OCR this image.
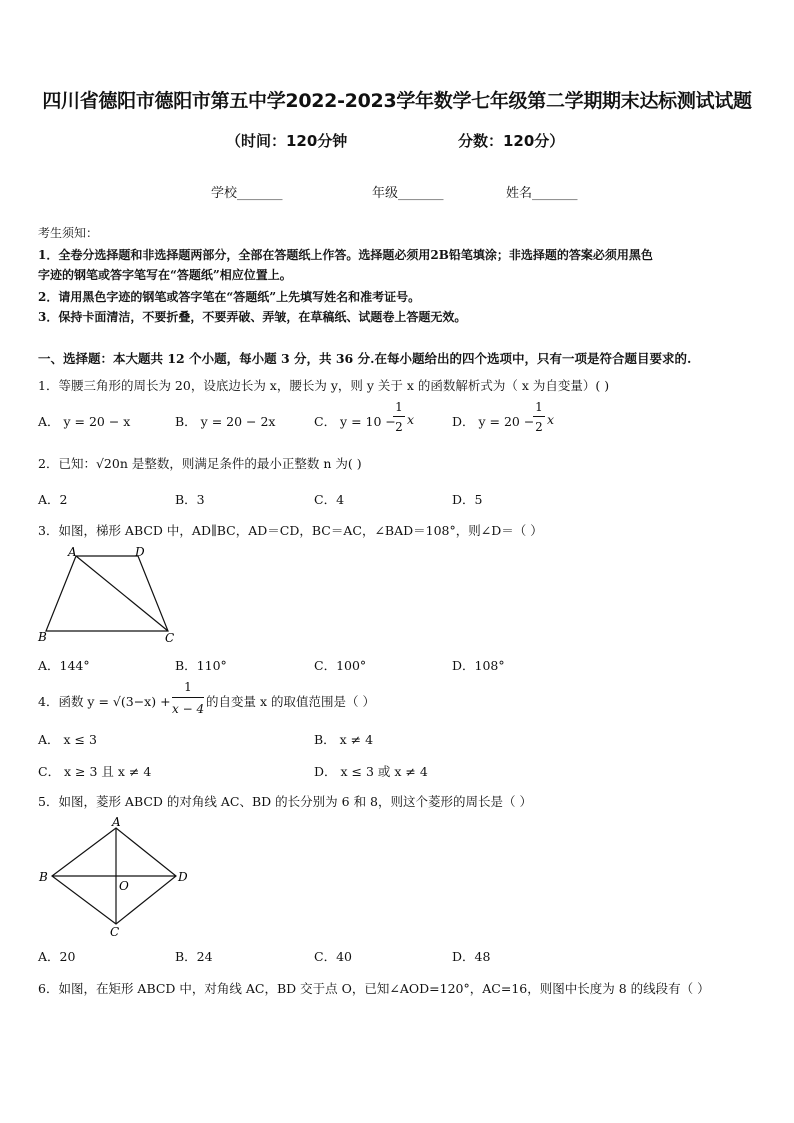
四川省德阳市德阳市第五中学2022-2023学年数学七年级第二学期期末达标测试试题
（时间：120分钟	分数：120分）
学校_______	年级_______	姓名_______
考生须知：
1．全卷分选择题和非选择题两部分，全部在答题纸上作答。选择题必须用2B铅笔填涂；非选择题的答案必须用黑色
字迹的钢笔或答字笔写在“答题纸”相应位置上。
2．请用黑色字迹的钢笔或答字笔在“答题纸”上先填写姓名和准考证号。
3．保持卡面清洁，不要折叠，不要弄破、弄皱，在草稿纸、试题卷上答题无效。
一、选择题：本大题共 12 个小题，每小题 3 分，共 36 分.在每小题给出的四个选项中，只有一项是符合题目要求的.
1．等腰三角形的周长为 20，设底边长为 x，腰长为 y，则 y 关于 x 的函数解析式为（ x 为自变量）( )
A． y = 20 − x	B． y = 20 − 2x	C． y = 10 −
1
2 x	D． y = 20 −
1
2 x
2．已知：√20n 是整数，则满足条件的最小正整数 n 为( )
A．2	B．3	C．4	D．5
3．如图，梯形 ABCD 中，AD∥BC，AD＝CD，BC＝AC，∠BAD＝108°，则∠D＝（ ）
A	D
B	C
A．144°	B．110°	C．100°	D．108°
4．函数 y = √(3−x) +
1
x − 4 的自变量 x 的取值范围是（ ）
A． x ≤ 3	B． x ≠ 4
C． x ≥ 3 且 x ≠ 4	D． x ≤ 3 或 x ≠ 4
5．如图，菱形 ABCD 的对角线 AC、BD 的长分别为 6 和 8，则这个菱形的周长是（ ）
A
B	D
O
C
A．20	B．24	C．40	D．48
6．如图，在矩形 ABCD 中，对角线 AC，BD 交于点 O，已知∠AOD=120°，AC=16，则图中长度为 8 的线段有（ ）
